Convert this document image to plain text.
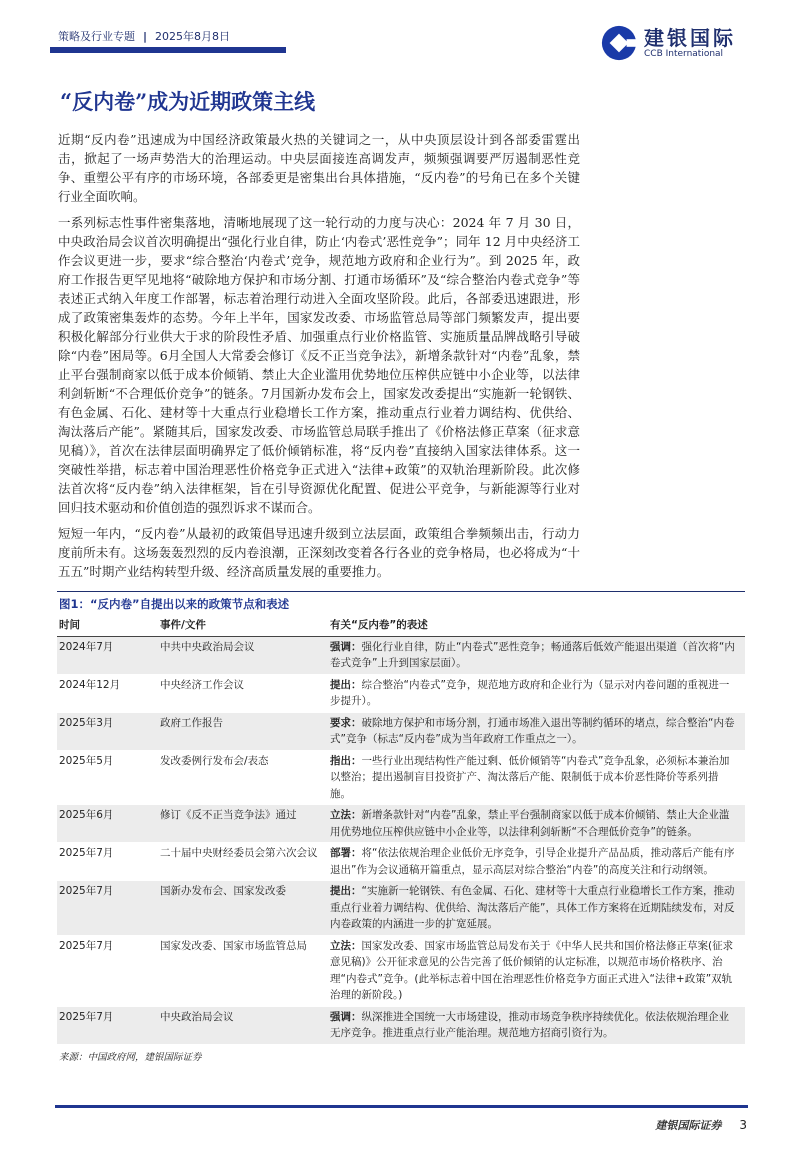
策略及行业专题 | 2025年8月8日	建银国际
CCB International
“反内卷”成为近期政策主线

近期“反内卷”迅速成为中国经济政策最火热的关键词之一，从中央顶层设计到各部委雷霆出击，掀起了一场声势浩大的治理运动。中央层面接连高调发声，频频强调要严厉遏制恶性竞争、重塑公平有序的市场环境，各部委更是密集出台具体措施，“反内卷”的号角已在多个关键行业全面吹响。

一系列标志性事件密集落地，清晰地展现了这一轮行动的力度与决心：2024 年 7 月 30 日，中央政治局会议首次明确提出“强化行业自律，防止‘内卷式’恶性竞争”；同年 12 月中央经济工作会议更进一步，要求“综合整治‘内卷式’竞争，规范地方政府和企业行为”。到 2025 年，政府工作报告更罕见地将“破除地方保护和市场分割、打通市场循环”及“综合整治内卷式竞争”等表述正式纳入年度工作部署，标志着治理行动进入全面攻坚阶段。此后，各部委迅速跟进，形成了政策密集轰炸的态势。今年上半年，国家发改委、市场监管总局等部门频繁发声，提出要积极化解部分行业供大于求的阶段性矛盾、加强重点行业价格监管、实施质量品牌战略引导破除“内卷”困局等。6月全国人大常委会修订《反不正当竞争法》，新增条款针对“内卷”乱象，禁止平台强制商家以低于成本价倾销、禁止大企业滥用优势地位压榨供应链中小企业等，以法律利剑斩断“不合理低价竞争”的链条。7月国新办发布会上，国家发改委提出“实施新一轮钢铁、有色金属、石化、建材等十大重点行业稳增长工作方案，推动重点行业着力调结构、优供给、淘汰落后产能”。紧随其后，国家发改委、市场监管总局联手推出了《价格法修正草案（征求意见稿）》，首次在法律层面明确界定了低价倾销标准，将“反内卷”直接纳入国家法律体系。这一突破性举措，标志着中国治理恶性价格竞争正式进入“法律+政策”的双轨治理新阶段。此次修法首次将“反内卷”纳入法律框架，旨在引导资源优化配置、促进公平竞争，与新能源等行业对回归技术驱动和价值创造的强烈诉求不谋而合。

短短一年内，“反内卷”从最初的政策倡导迅速升级到立法层面，政策组合拳频频出击，行动力度前所未有。这场轰轰烈烈的反内卷浪潮，正深刻改变着各行各业的竞争格局，也必将成为“十五五”时期产业结构转型升级、经济高质量发展的重要推力。

图1：“反内卷”自提出以来的政策节点和表述
时间	事件/文件	有关“反内卷”的表述
2024年7月	中共中央政治局会议	强调：强化行业自律，防止“内卷式”恶性竞争；畅通落后低效产能退出渠道（首次将“内卷式竞争”上升到国家层面）。
2024年12月	中央经济工作会议	提出：综合整治“内卷式”竞争，规范地方政府和企业行为（显示对内卷问题的重视进一步提升）。
2025年3月	政府工作报告	要求：破除地方保护和市场分割，打通市场准入退出等制约循环的堵点，综合整治“内卷式”竞争（标志“反内卷”成为当年政府工作重点之一）。
2025年5月	发改委例行发布会/表态	指出：一些行业出现结构性产能过剩、低价倾销等“内卷式”竞争乱象，必须标本兼治加以整治；提出遏制盲目投资扩产、淘汰落后产能、限制低于成本价恶性降价等系列措施。
2025年6月	修订《反不正当竞争法》通过	立法：新增条款针对“内卷”乱象，禁止平台强制商家以低于成本价倾销、禁止大企业滥用优势地位压榨供应链中小企业等，以法律利剑斩断“不合理低价竞争”的链条。
2025年7月	二十届中央财经委员会第六次会议	部署：将“依法依规治理企业低价无序竞争，引导企业提升产品品质，推动落后产能有序退出”作为会议通稿开篇重点，显示高层对综合整治“内卷”的高度关注和行动纲领。
2025年7月	国新办发布会、国家发改委	提出：“实施新一轮钢铁、有色金属、石化、建材等十大重点行业稳增长工作方案，推动重点行业着力调结构、优供给、淘汰落后产能”，具体工作方案将在近期陆续发布，对反内卷政策的内涵进一步的扩宽延展。
2025年7月	国家发改委、国家市场监管总局	立法：国家发改委、国家市场监管总局发布关于《中华人民共和国价格法修正草案(征求意见稿)》公开征求意见的公告完善了低价倾销的认定标准，以规范市场价格秩序、治理“内卷式”竞争。(此举标志着中国在治理恶性价格竞争方面正式进入“法律+政策”双轨治理的新阶段。)
2025年7月	中央政治局会议	强调：纵深推进全国统一大市场建设，推动市场竞争秩序持续优化。依法依规治理企业无序竞争。推进重点行业产能治理。规范地方招商引资行为。
来源：中国政府网，建银国际证券
建银国际证券 3
